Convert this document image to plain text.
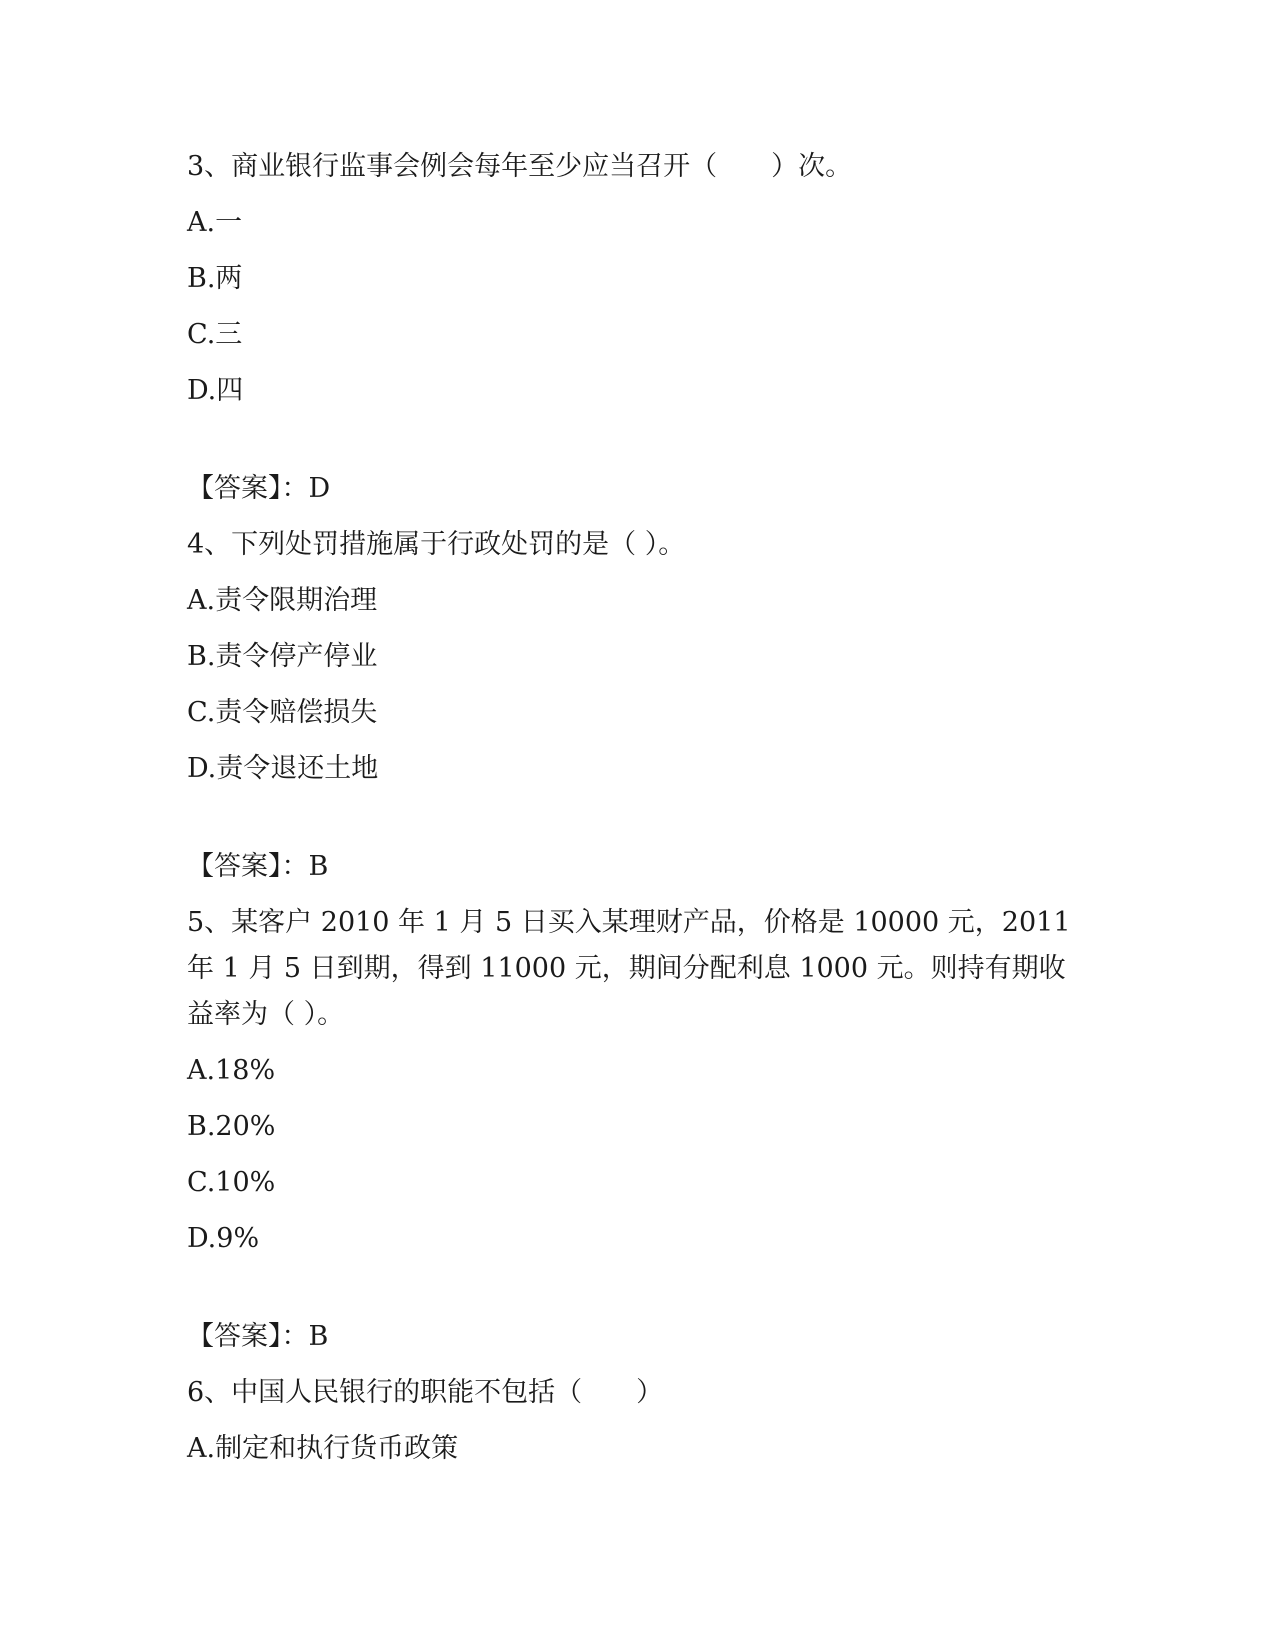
3、商业银行监事会例会每年至少应当召开（　　）次。
A.一
B.两
C.三
D.四
【答案】：D
4、下列处罚措施属于行政处罚的是（ ）。
A.责令限期治理
B.责令停产停业
C.责令赔偿损失
D.责令退还土地
【答案】：B
5、某客户 2010 年 1 月 5 日买入某理财产品，价格是 10000 元，2011
年 1 月 5 日到期，得到 11000 元，期间分配利息 1000 元。则持有期收
益率为（ ）。
A.18%
B.20%
C.10%
D.9%
【答案】：B
6、中国人民银行的职能不包括（　　）
A.制定和执行货币政策
